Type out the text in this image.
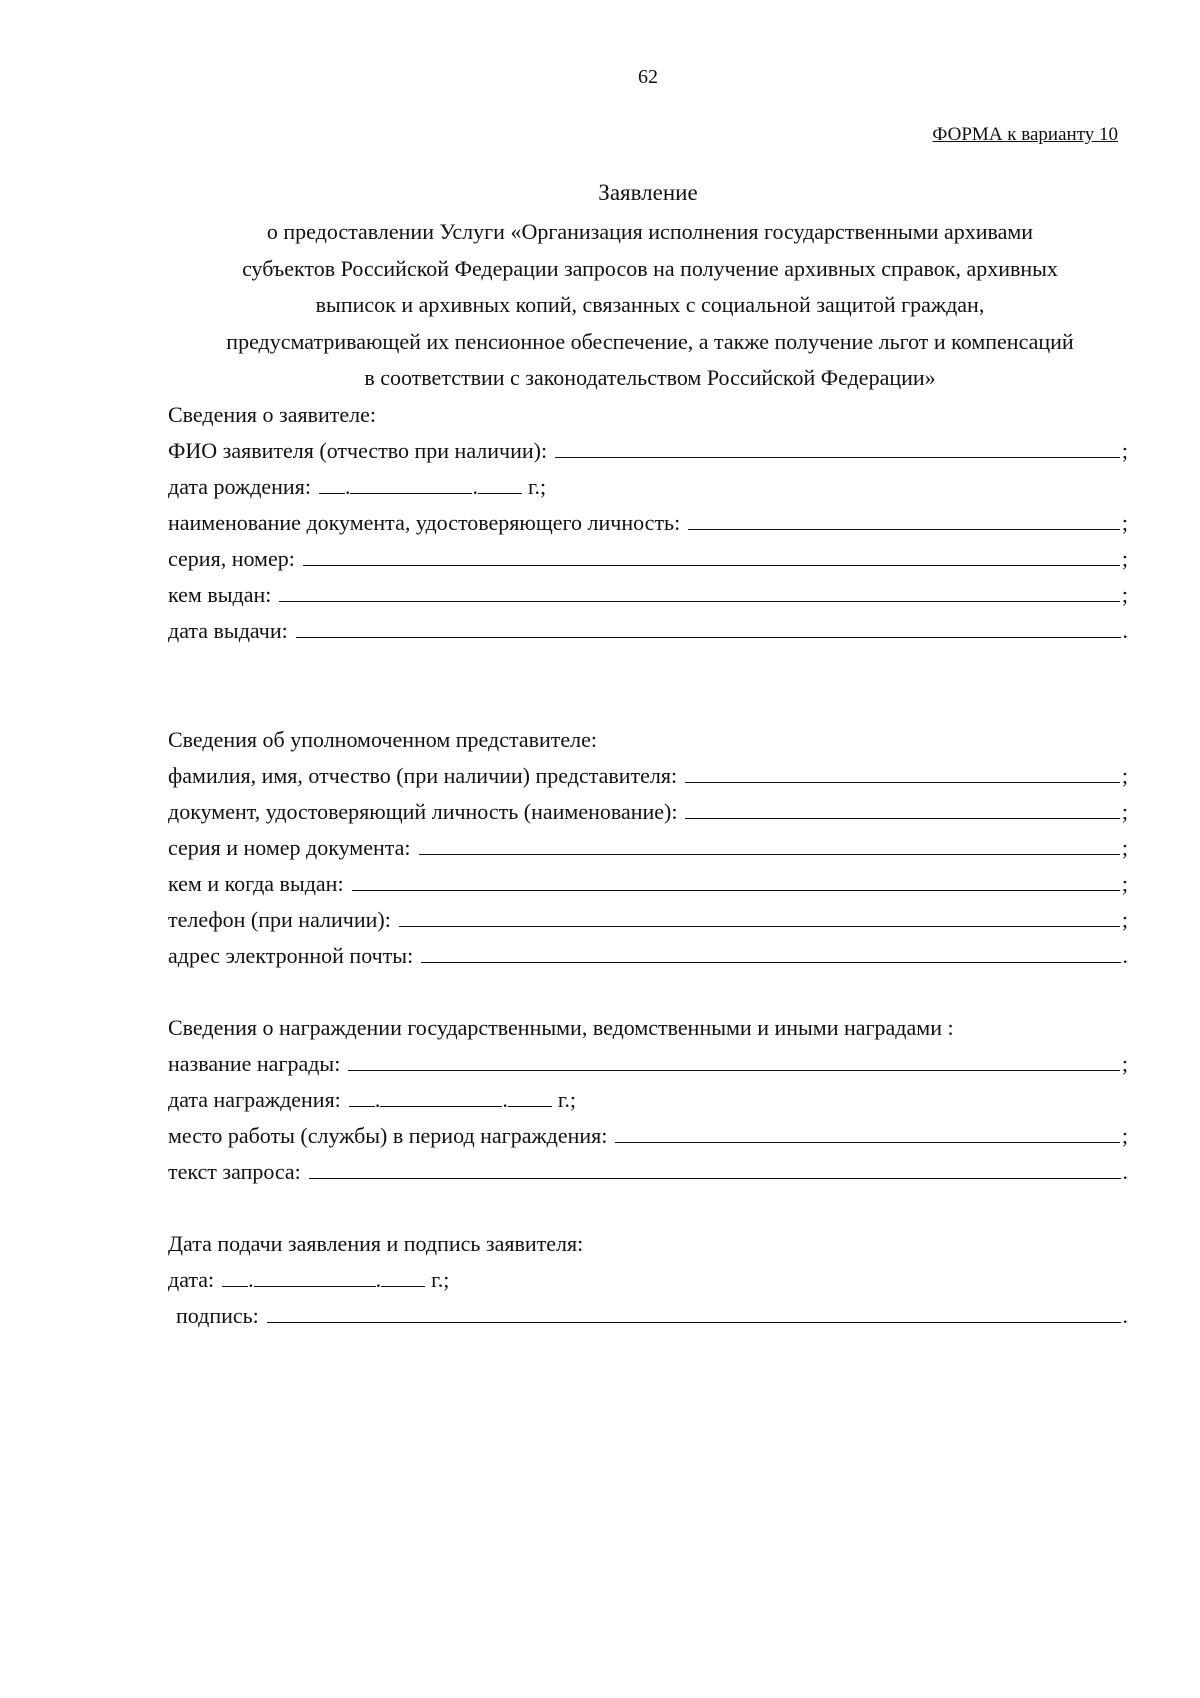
62
ФОРМА к варианту 10
Заявление
о предоставлении Услуги «Организация исполнения государственными архивами
субъектов Российской Федерации запросов на получение архивных справок, архивных
выписок и архивных копий, связанных с социальной защитой граждан,
предусматривающей их пенсионное обеспечение, а также получение льгот и компенсаций
в соответствии с законодательством Российской Федерации»
Сведения о заявителе:
ФИО заявителя (отчество при наличии):	;
дата рождения: .	. г.;
наименование документа, удостоверяющего личность:	;
серия, номер:	;
кем выдан:	;
дата выдачи:	.
Сведения об уполномоченном представителе:
фамилия, имя, отчество (при наличии) представителя:	;
документ, удостоверяющий личность (наименование):	;
серия и номер документа:	;
кем и когда выдан:	;
телефон (при наличии):	;
адрес электронной почты:	.
Сведения о награждении государственными, ведомственными и иными наградами :
название награды:	;
дата награждения: .	. г.;
место работы (службы) в период награждения:	;
текст запроса:	.
Дата подачи заявления и подпись заявителя:
дата: .	. г.;
подпись:	.
